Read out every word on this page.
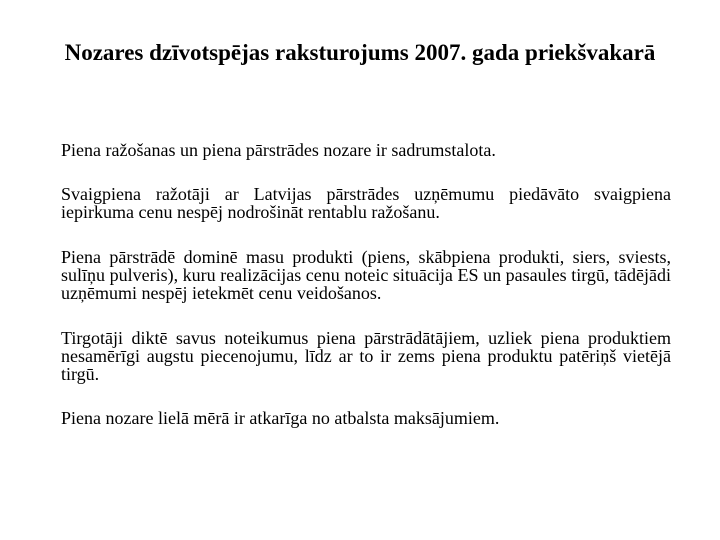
Nozares dzīvotspējas raksturojums 2007. gada priekšvakarā

Piena ražošanas un piena pārstrādes nozare ir sadrumstalota.

Svaigpiena ražotāji ar Latvijas pārstrādes uzņēmumu piedāvāto svaigpiena iepirkuma cenu nespēj nodrošināt rentablu ražošanu.

Piena pārstrādē dominē masu produkti (piens, skābpiena produkti, siers, sviests, sulīņu pulveris), kuru realizācijas cenu noteic situācija ES un pasaules tirgū, tādējādi uzņēmumi nespēj ietekmēt cenu veidošanos.

Tirgotāji diktē savus noteikumus piena pārstrādātājiem, uzliek piena produktiem nesamērīgi augstu piecenojumu, līdz ar to ir zems piena produktu patēriņš vietējā tirgū.

Piena nozare lielā mērā ir atkarīga no atbalsta maksājumiem.
